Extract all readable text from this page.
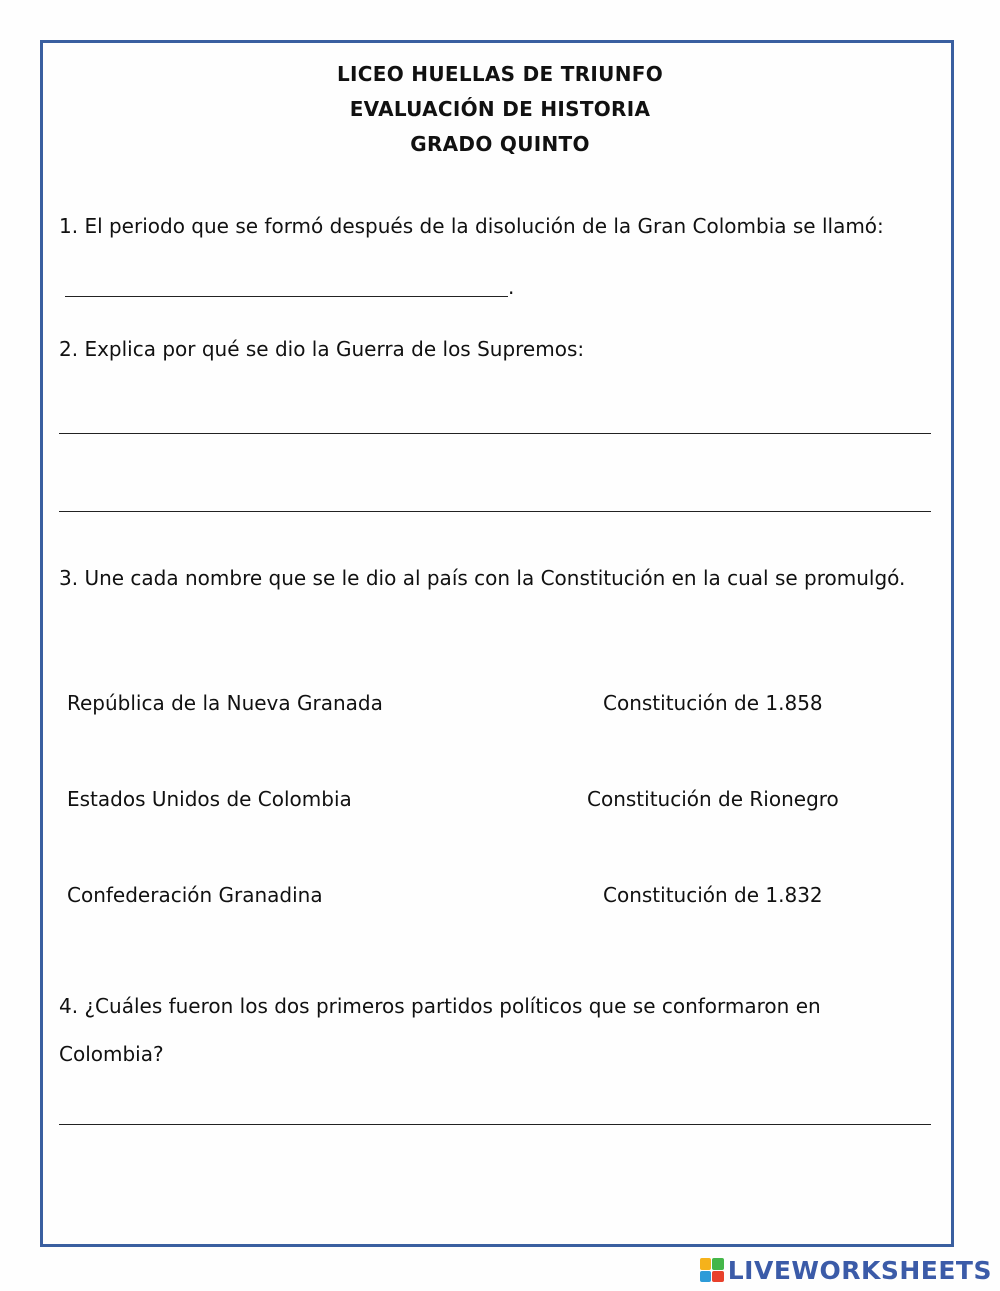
LICEO HUELLAS DE TRIUNFO
EVALUACIÓN DE HISTORIA
GRADO QUINTO
1. El periodo que se formó después de la disolución de la Gran Colombia se llamó:
.
2. Explica por qué se dio la Guerra de los Supremos:
3. Une cada nombre que se le dio al país con la Constitución en la cual se promulgó.
República de la Nueva Granada
Estados Unidos de Colombia
Confederación Granadina
Constitución de 1.858
Constitución de Rionegro
Constitución de 1.832
4. ¿Cuáles fueron los dos primeros partidos políticos que se conformaron en
Colombia?
LIVEWORKSHEETS
